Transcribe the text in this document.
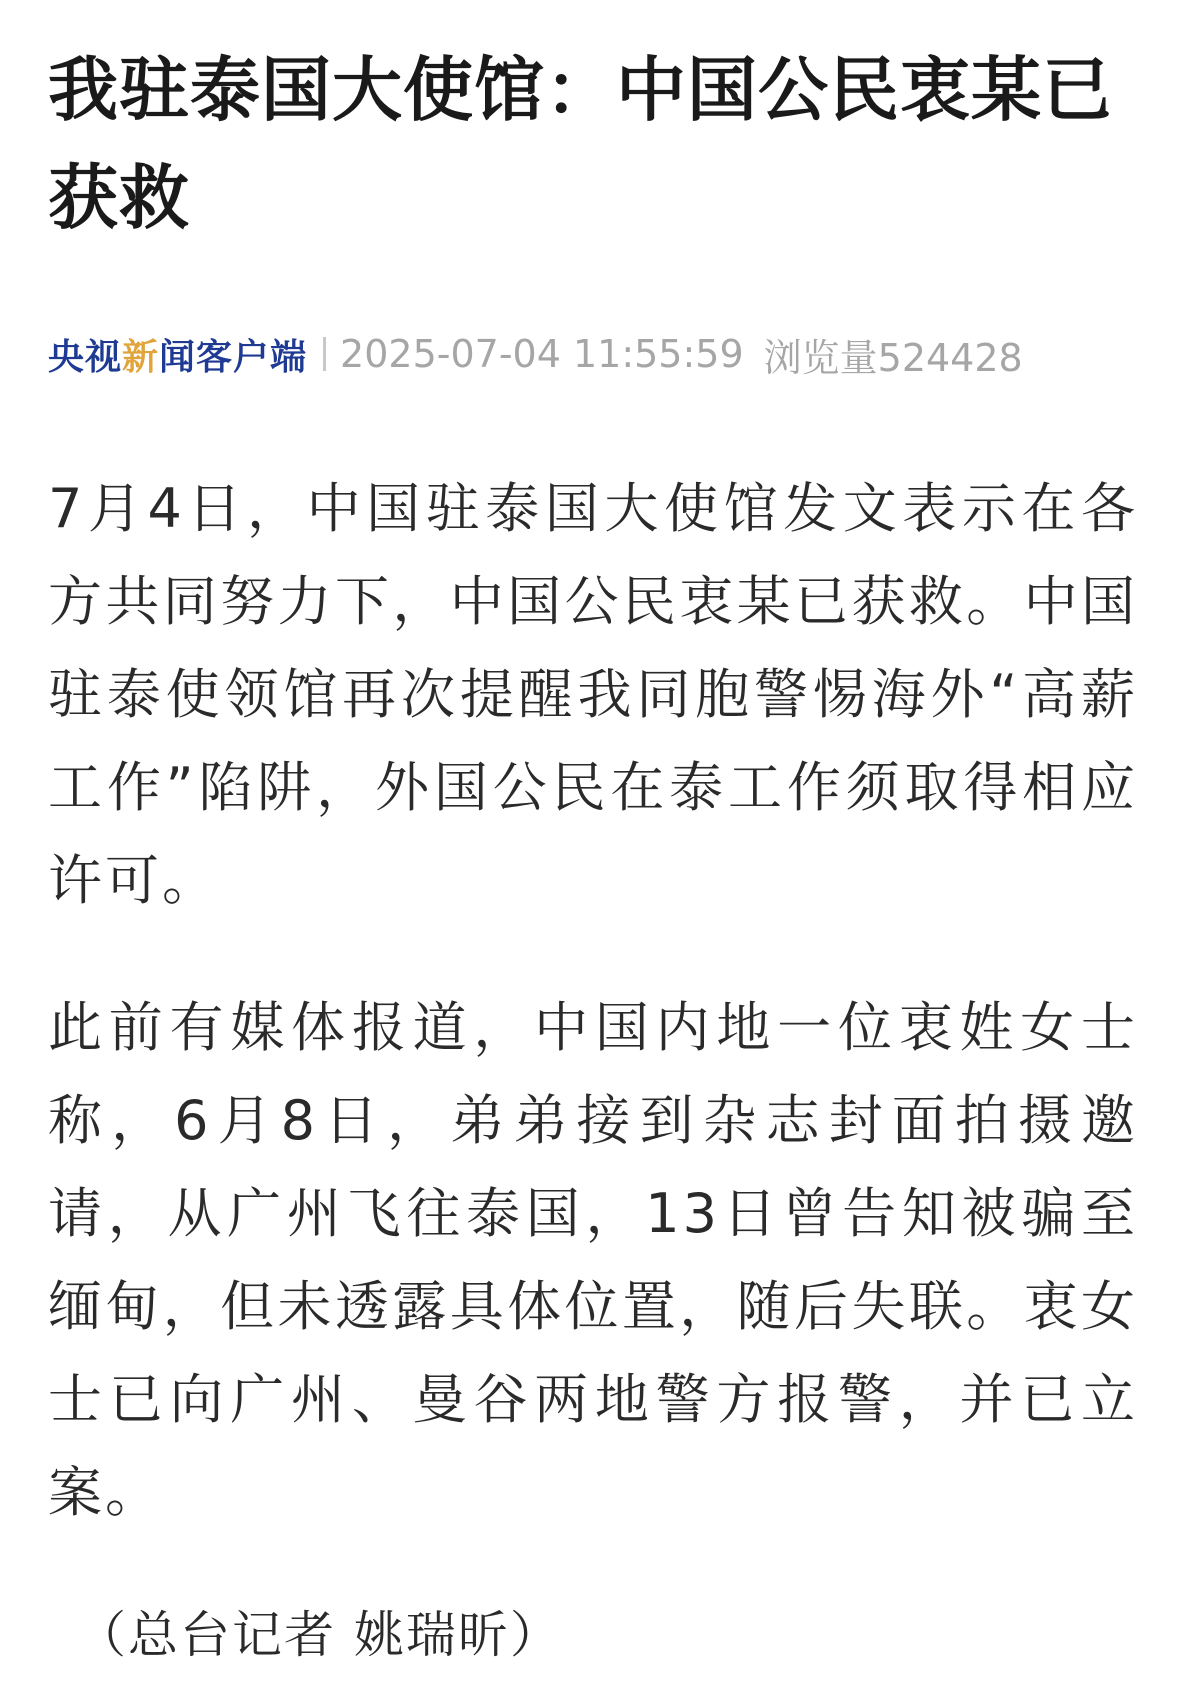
我驻泰国大使馆：中国公民衷某已获救
央视新闻客户端 2025-07-04 11:55:59 浏览量524428

7月4日，中国驻泰国大使馆发文表示在各方共同努力下，中国公民衷某已获救。中国驻泰使领馆再次提醒我同胞警惕海外“高薪工作”陷阱，外国公民在泰工作须取得相应许可。

此前有媒体报道，中国内地一位衷姓女士称，6月8日，弟弟接到杂志封面拍摄邀请，从广州飞往泰国，13日曾告知被骗至缅甸，但未透露具体位置，随后失联。衷女士已向广州、曼谷两地警方报警，并已立案。

（总台记者 姚瑞昕）
